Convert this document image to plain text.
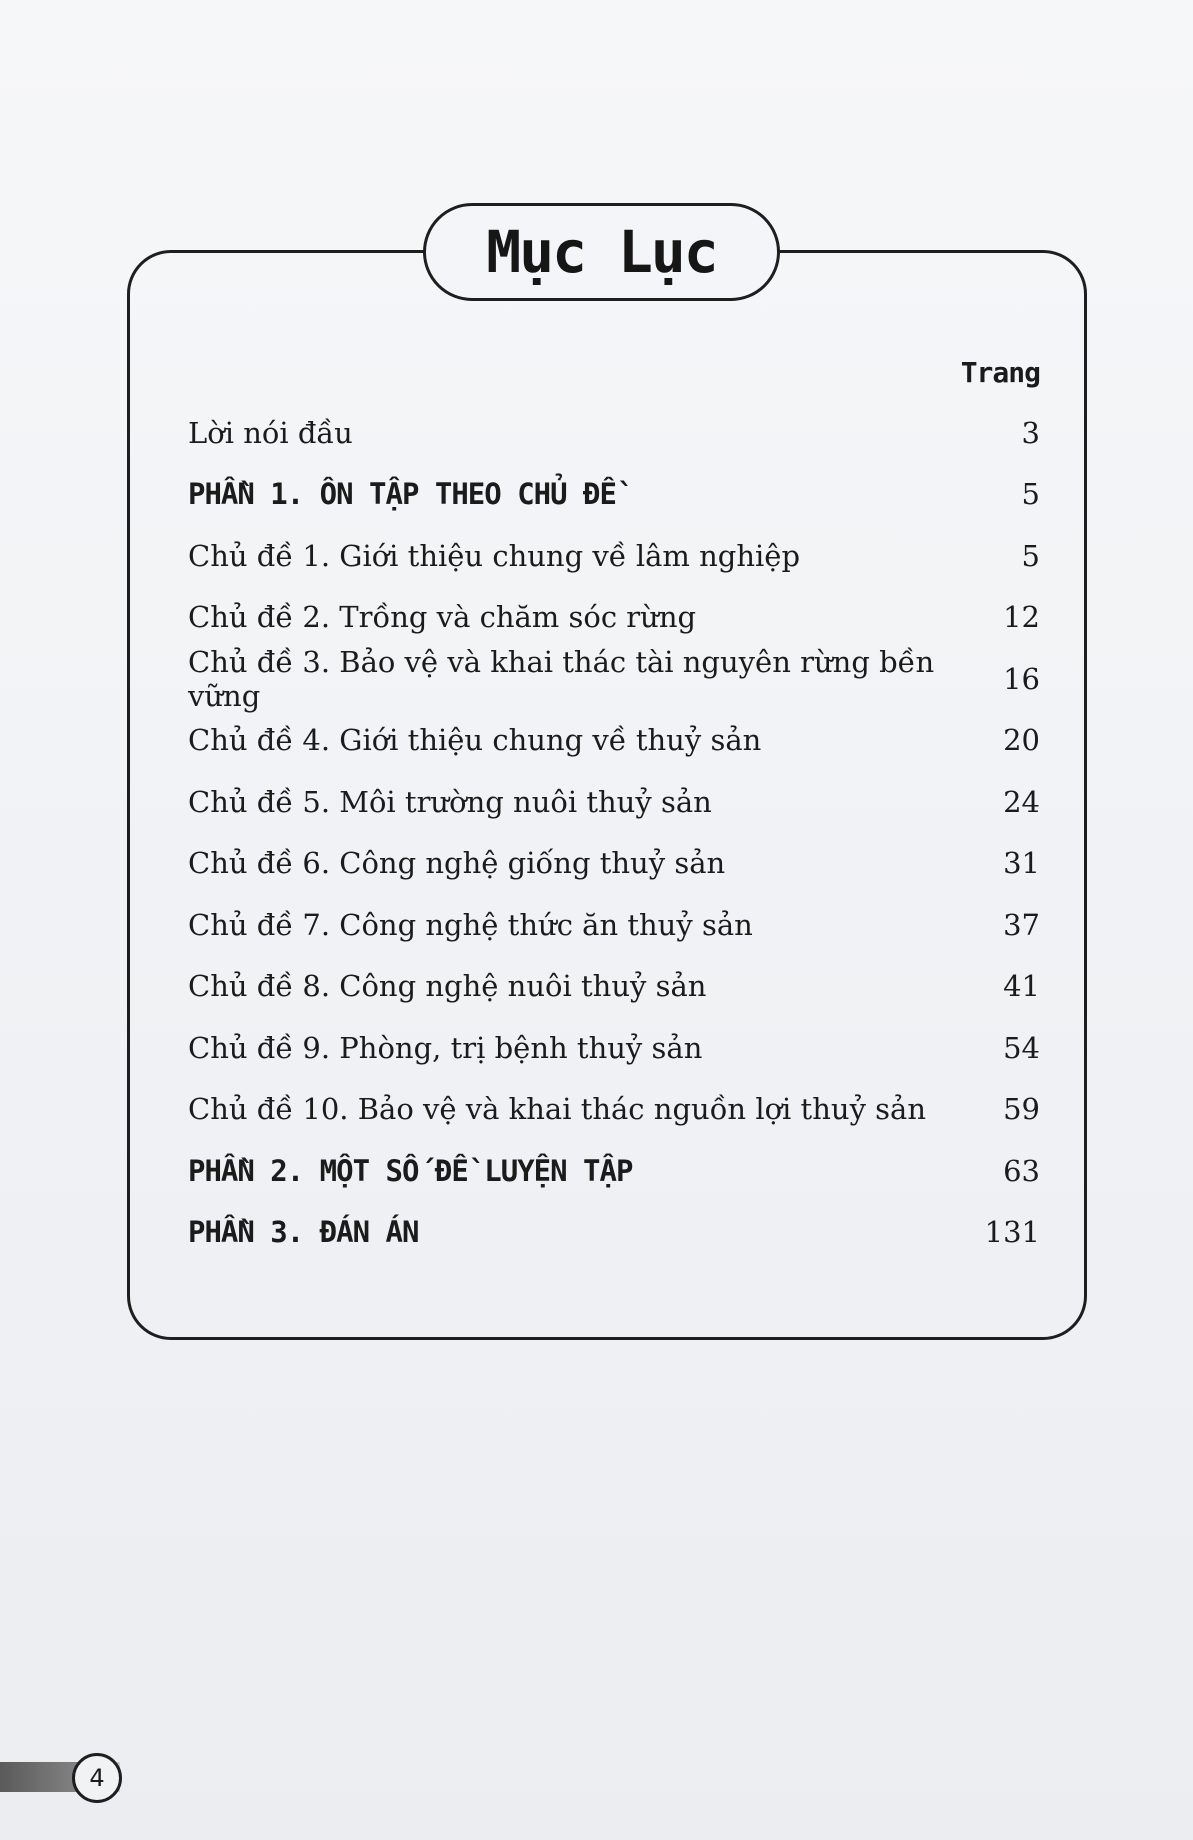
Mục Lục
Trang
Lời nói đầu	3
PHẦN 1. ÔN TẬP THEO CHỦ ĐỀ	5
Chủ đề 1. Giới thiệu chung về lâm nghiệp	5
Chủ đề 2. Trồng và chăm sóc rừng	12
Chủ đề 3. Bảo vệ và khai thác tài nguyên rừng bền vững	16
Chủ đề 4. Giới thiệu chung về thuỷ sản	20
Chủ đề 5. Môi trường nuôi thuỷ sản	24
Chủ đề 6. Công nghệ giống thuỷ sản	31
Chủ đề 7. Công nghệ thức ăn thuỷ sản	37
Chủ đề 8. Công nghệ nuôi thuỷ sản	41
Chủ đề 9. Phòng, trị bệnh thuỷ sản	54
Chủ đề 10. Bảo vệ và khai thác nguồn lợi thuỷ sản	59
PHẦN 2. MỘT SỐ ĐỀ LUYỆN TẬP	63
PHẦN 3. ĐÁN ÁN	131
4
